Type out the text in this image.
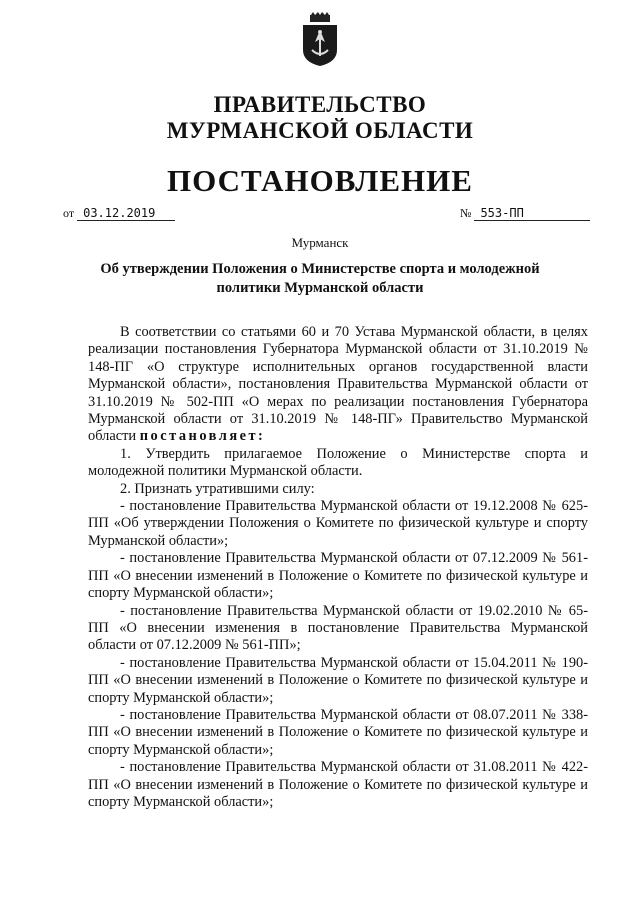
ПРАВИТЕЛЬСТВО
МУРМАНСКОЙ ОБЛАСТИ
ПОСТАНОВЛЕНИЕ
от 03.12.2019	№ 553-ПП
Мурманск
Об утверждении Положения о Министерстве спорта и молодежной
политики Мурманской области

В соответствии со статьями 60 и 70 Устава Мурманской области, в целях реализации постановления Губернатора Мурманской области от 31.10.2019 № 148-ПГ «О структуре исполнительных органов государственной власти Мурманской области», постановления Правительства Мурманской области от 31.10.2019 № 502-ПП «О мерах по реализации постановления Губернатора Мурманской области от 31.10.2019 № 148-ПГ» Правительство Мурманской области постановляет:

1. Утвердить прилагаемое Положение о Министерстве спорта и молодежной политики Мурманской области.

2. Признать утратившими силу:

- постановление Правительства Мурманской области от 19.12.2008 № 625-ПП «Об утверждении Положения о Комитете по физической культуре и спорту Мурманской области»;

- постановление Правительства Мурманской области от 07.12.2009 № 561-ПП «О внесении изменений в Положение о Комитете по физической культуре и спорту Мурманской области»;

- постановление Правительства Мурманской области от 19.02.2010 № 65-ПП «О внесении изменения в постановление Правительства Мурманской области от 07.12.2009 № 561-ПП»;

- постановление Правительства Мурманской области от 15.04.2011 № 190-ПП «О внесении изменений в Положение о Комитете по физической культуре и спорту Мурманской области»;

- постановление Правительства Мурманской области от 08.07.2011 № 338-ПП «О внесении изменений в Положение о Комитете по физической культуре и спорту Мурманской области»;

- постановление Правительства Мурманской области от 31.08.2011 № 422-ПП «О внесении изменений в Положение о Комитете по физической культуре и спорту Мурманской области»;
